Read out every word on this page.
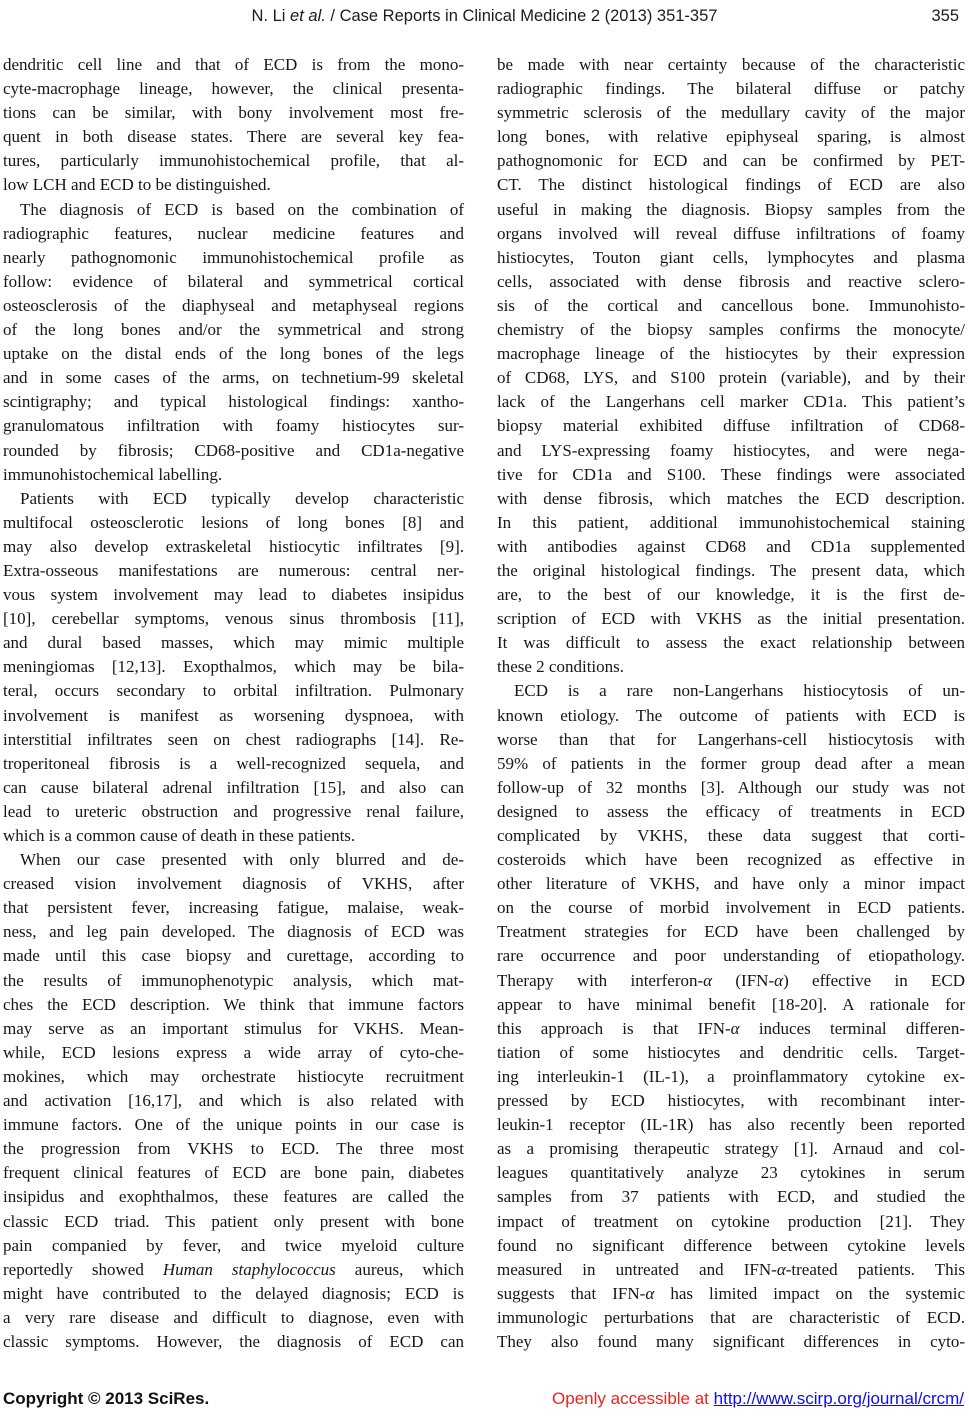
N. Li et al. / Case Reports in Clinical Medicine 2 (2013) 351-357	355
dendritic cell line and that of ECD is from the mono-
cyte-macrophage lineage, however, the clinical presenta-
tions can be similar, with bony involvement most fre-
quent in both disease states. There are several key fea-
tures, particularly immunohistochemical profile, that al-
low LCH and ECD to be distinguished.
The diagnosis of ECD is based on the combination of
radiographic features, nuclear medicine features and
nearly pathognomonic immunohistochemical profile as
follow: evidence of bilateral and symmetrical cortical
osteosclerosis of the diaphyseal and metaphyseal regions
of the long bones and/or the symmetrical and strong
uptake on the distal ends of the long bones of the legs
and in some cases of the arms, on technetium-99 skeletal
scintigraphy; and typical histological findings: xantho-
granulomatous infiltration with foamy histiocytes sur-
rounded by fibrosis; CD68-positive and CD1a-negative
immunohistochemical labelling.
Patients with ECD typically develop characteristic
multifocal osteosclerotic lesions of long bones [8] and
may also develop extraskeletal histiocytic infiltrates [9].
Extra-osseous manifestations are numerous: central ner-
vous system involvement may lead to diabetes insipidus
[10], cerebellar symptoms, venous sinus thrombosis [11],
and dural based masses, which may mimic multiple
meningiomas [12,13]. Exopthalmos, which may be bila-
teral, occurs secondary to orbital infiltration. Pulmonary
involvement is manifest as worsening dyspnoea, with
interstitial infiltrates seen on chest radiographs [14]. Re-
troperitoneal fibrosis is a well-recognized sequela, and
can cause bilateral adrenal infiltration [15], and also can
lead to ureteric obstruction and progressive renal failure,
which is a common cause of death in these patients.
When our case presented with only blurred and de-
creased vision involvement diagnosis of VKHS, after
that persistent fever, increasing fatigue, malaise, weak-
ness, and leg pain developed. The diagnosis of ECD was
made until this case biopsy and curettage, according to
the results of immunophenotypic analysis, which mat-
ches the ECD description. We think that immune factors
may serve as an important stimulus for VKHS. Mean-
while, ECD lesions express a wide array of cyto-che-
mokines, which may orchestrate histiocyte recruitment
and activation [16,17], and which is also related with
immune factors. One of the unique points in our case is
the progression from VKHS to ECD. The three most
frequent clinical features of ECD are bone pain, diabetes
insipidus and exophthalmos, these features are called the
classic ECD triad. This patient only present with bone
pain companied by fever, and twice myeloid culture
reportedly showed Human staphylococcus aureus, which
might have contributed to the delayed diagnosis; ECD is
a very rare disease and difficult to diagnose, even with
classic symptoms. However, the diagnosis of ECD can
be made with near certainty because of the characteristic
radiographic findings. The bilateral diffuse or patchy
symmetric sclerosis of the medullary cavity of the major
long bones, with relative epiphyseal sparing, is almost
pathognomonic for ECD and can be confirmed by PET-
CT. The distinct histological findings of ECD are also
useful in making the diagnosis. Biopsy samples from the
organs involved will reveal diffuse infiltrations of foamy
histiocytes, Touton giant cells, lymphocytes and plasma
cells, associated with dense fibrosis and reactive sclero-
sis of the cortical and cancellous bone. Immunohisto-
chemistry of the biopsy samples confirms the monocyte/
macrophage lineage of the histiocytes by their expression
of CD68, LYS, and S100 protein (variable), and by their
lack of the Langerhans cell marker CD1a. This patient’s
biopsy material exhibited diffuse infiltration of CD68-
and LYS-expressing foamy histiocytes, and were nega-
tive for CD1a and S100. These findings were associated
with dense fibrosis, which matches the ECD description.
In this patient, additional immunohistochemical staining
with antibodies against CD68 and CD1a supplemented
the original histological findings. The present data, which
are, to the best of our knowledge, it is the first de-
scription of ECD with VKHS as the initial presentation.
It was difficult to assess the exact relationship between
these 2 conditions.
ECD is a rare non-Langerhans histiocytosis of un-
known etiology. The outcome of patients with ECD is
worse than that for Langerhans-cell histiocytosis with
59% of patients in the former group dead after a mean
follow-up of 32 months [3]. Although our study was not
designed to assess the efficacy of treatments in ECD
complicated by VKHS, these data suggest that corti-
costeroids which have been recognized as effective in
other literature of VKHS, and have only a minor impact
on the course of morbid involvement in ECD patients.
Treatment strategies for ECD have been challenged by
rare occurrence and poor understanding of etiopathology.
Therapy with interferon-α (IFN-α) effective in ECD
appear to have minimal benefit [18-20]. A rationale for
this approach is that IFN-α induces terminal differen-
tiation of some histiocytes and dendritic cells. Target-
ing interleukin-1 (IL-1), a proinflammatory cytokine ex-
pressed by ECD histiocytes, with recombinant inter-
leukin-1 receptor (IL-1R) has also recently been reported
as a promising therapeutic strategy [1]. Arnaud and col-
leagues quantitatively analyze 23 cytokines in serum
samples from 37 patients with ECD, and studied the
impact of treatment on cytokine production [21]. They
found no significant difference between cytokine levels
measured in untreated and IFN-α-treated patients. This
suggests that IFN-α has limited impact on the systemic
immunologic perturbations that are characteristic of ECD.
They also found many significant differences in cyto-
Copyright © 2013 SciRes.	Openly accessible at http://www.scirp.org/journal/crcm/
